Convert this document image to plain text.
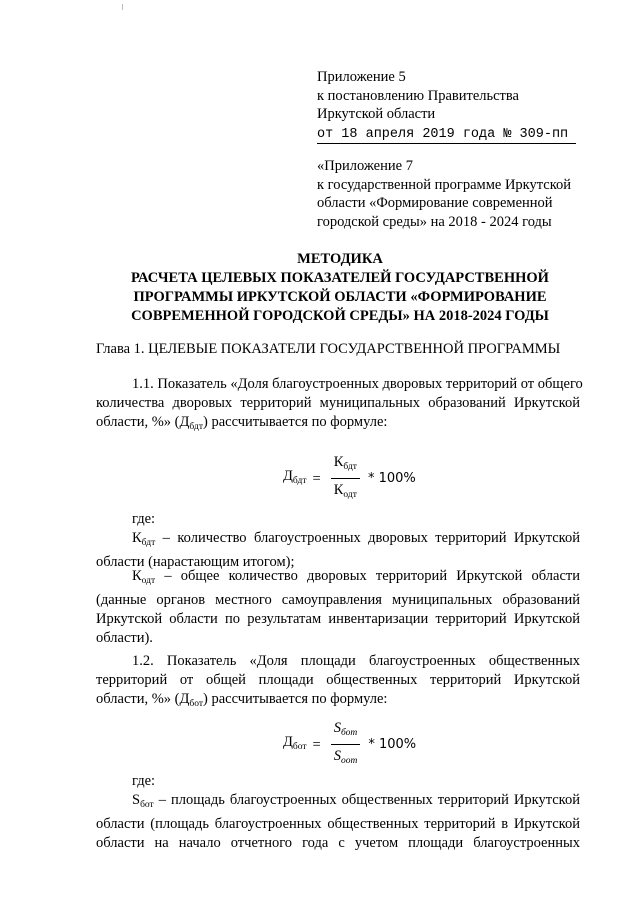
Приложение 5
к постановлению Правительства
Иркутской области
от 18 апреля 2019 года № 309-пп
«Приложение 7
к государственной программе Иркутской
области «Формирование современной
городской среды» на 2018 - 2024 годы
МЕТОДИКА
РАСЧЕТА ЦЕЛЕВЫХ ПОКАЗАТЕЛЕЙ ГОСУДАРСТВЕННОЙ
ПРОГРАММЫ ИРКУТСКОЙ ОБЛАСТИ «ФОРМИРОВАНИЕ
СОВРЕМЕННОЙ ГОРОДСКОЙ СРЕДЫ» НА 2018-2024 ГОДЫ
Глава 1. ЦЕЛЕВЫЕ ПОКАЗАТЕЛИ ГОСУДАРСТВЕННОЙ ПРОГРАММЫ
1.1. Показатель «Доля благоустроенных дворовых территорий от общего
количества дворовых территорий муниципальных образований Иркутской
области, %» $(Д_{бдт})$ рассчитывается по формуле:
$Д_{бдт} = \frac{К_{бдт}}{К_{одт}} * 100\%$
где:
$К_{бдт}$ – количество благоустроенных дворовых территорий Иркутской
области (нарастающим итогом);
$К_{одт}$ – общее количество дворовых территорий Иркутской области
(данные органов местного самоуправления муниципальных образований
Иркутской области по результатам инвентаризации территорий Иркутской
области).
1.2. Показатель «Доля площади благоустроенных общественных
территорий от общей площади общественных территорий Иркутской
области, %» $(Д_{бот})$ рассчитывается по формуле:
$Д_{бот} = \frac{S_{бот}}{S_{оот}} * 100\%$
где:
$S_{бот}$ – площадь благоустроенных общественных территорий Иркутской
области (площадь благоустроенных общественных территорий в Иркутской
области на начало отчетного года с учетом площади благоустроенных
